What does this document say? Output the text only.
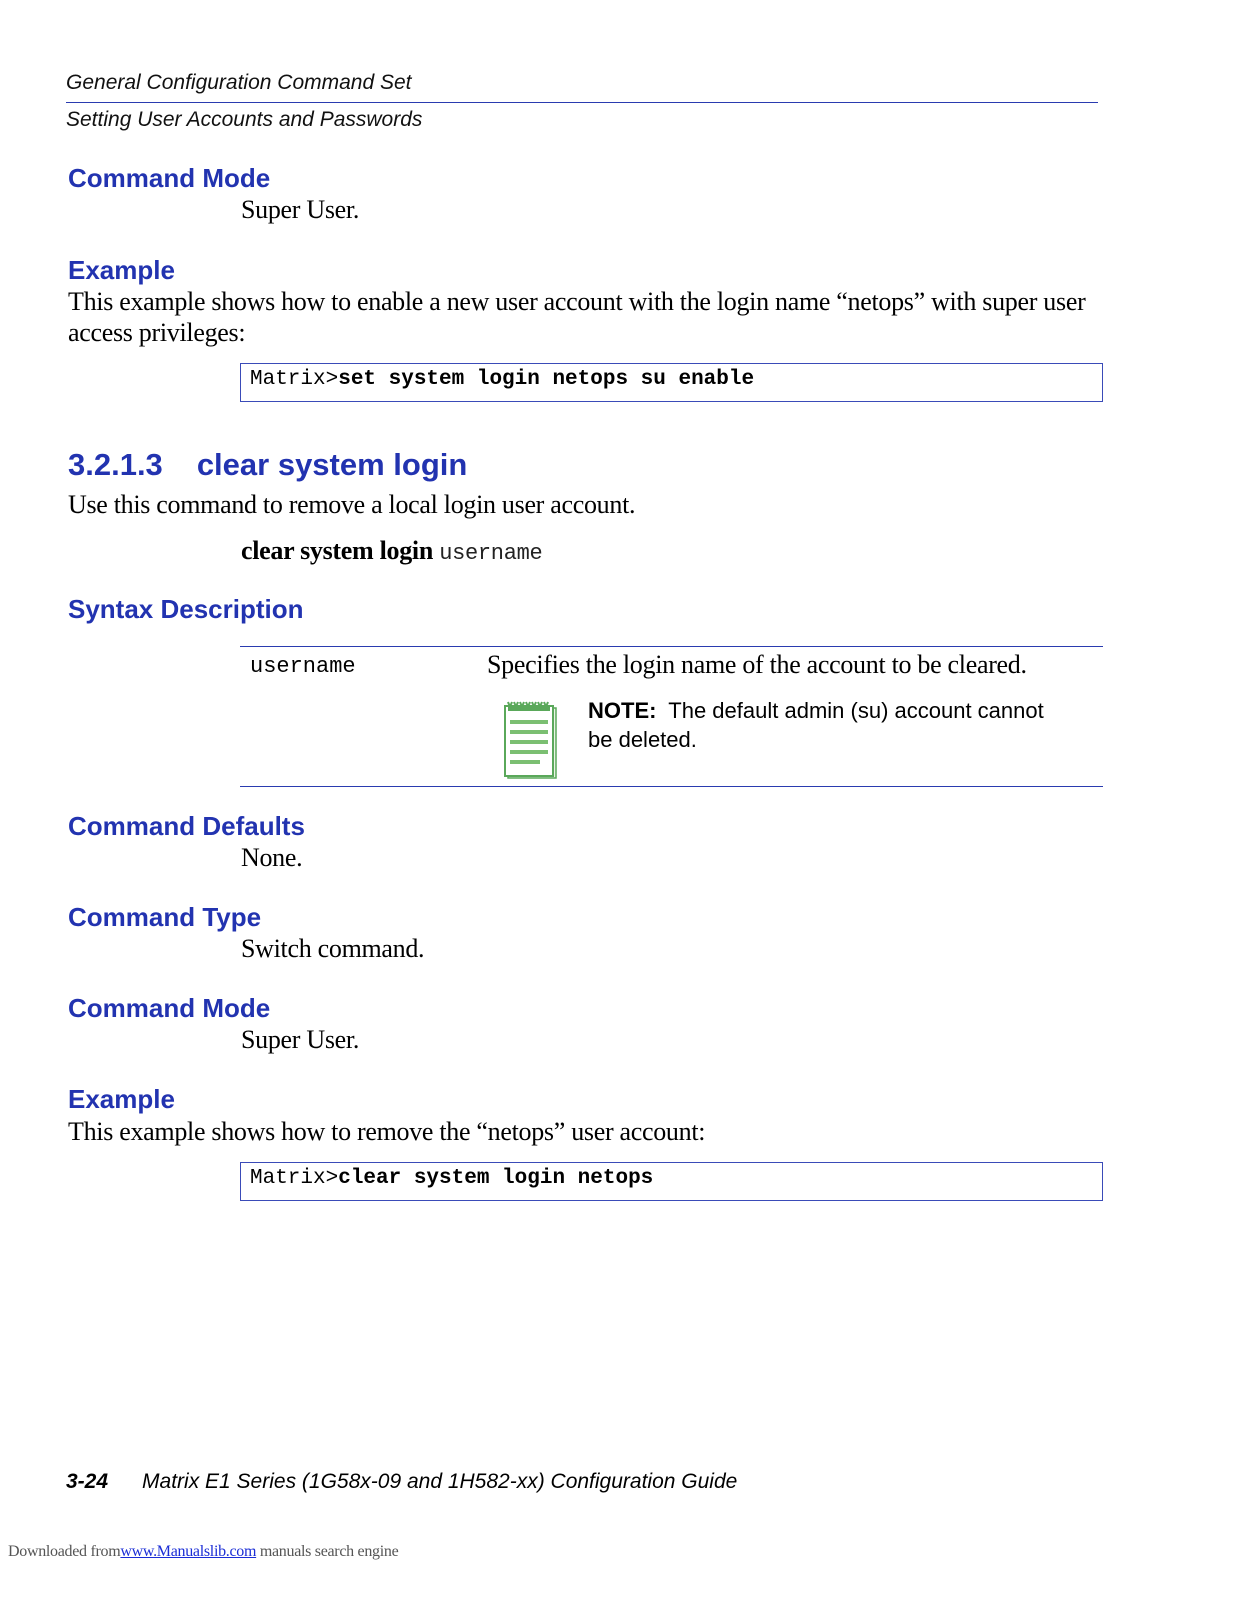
General Configuration Command Set
Setting User Accounts and Passwords
Command Mode
Super User.
Example
This example shows how to enable a new user account with the login name “netops” with super user
access privileges:
Matrix>set system login netops su enable
3.2.1.3 clear system login
Use this command to remove a local login user account.
clear system login username
Syntax Description
username	Specifies the login name of the account to be cleared.
NOTE: The default admin (su) account cannot
be deleted.
Command Defaults
None.
Command Type
Switch command.
Command Mode
Super User.
Example
This example shows how to remove the “netops” user account:
Matrix>clear system login netops
3-24 Matrix E1 Series (1G58x-09 and 1H582-xx) Configuration Guide
Downloaded fromwww.Manualslib.com manuals search engine
